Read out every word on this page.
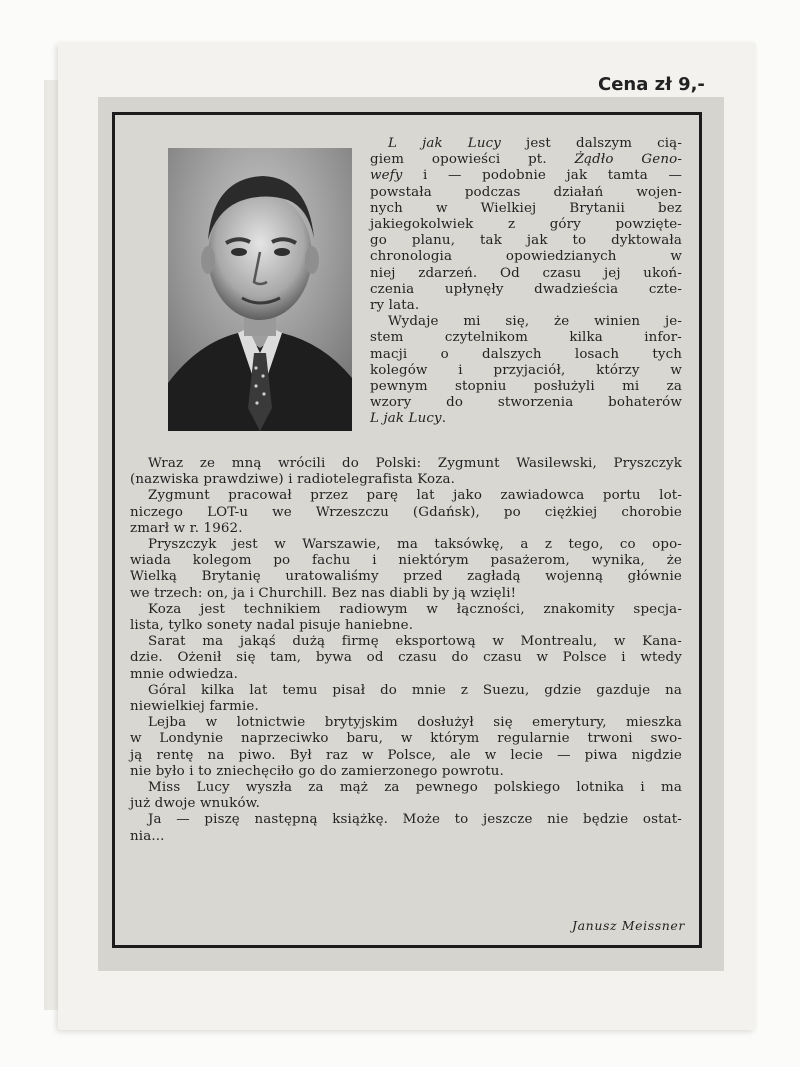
Cena zł 9,-
L jak Lucy jest dalszym cią-
giem opowieści pt. Żądło Geno-
wefy i — podobnie jak tamta —
powstała podczas działań wojen-
nych w Wielkiej Brytanii bez
jakiegokolwiek z góry powzięte-
go planu, tak jak to dyktowała
chronologia opowiedzianych w
niej zdarzeń. Od czasu jej ukoń-
czenia upłynęły dwadzieścia czte-
ry lata.
Wydaje mi się, że winien je-
stem czytelnikom kilka infor-
macji o dalszych losach tych
kolegów i przyjaciół, którzy w
pewnym stopniu posłużyli mi za
wzory do stworzenia bohaterów
L jak Lucy.
Wraz ze mną wrócili do Polski: Zygmunt Wasilewski, Pryszczyk
(nazwiska prawdziwe) i radiotelegrafista Koza.
Zygmunt pracował przez parę lat jako zawiadowca portu lot-
niczego LOT-u we Wrzeszczu (Gdańsk), po ciężkiej chorobie
zmarł w r. 1962.
Pryszczyk jest w Warszawie, ma taksówkę, a z tego, co opo-
wiada kolegom po fachu i niektórym pasażerom, wynika, że
Wielką Brytanię uratowaliśmy przed zagładą wojenną głównie
we trzech: on, ja i Churchill. Bez nas diabli by ją wzięli!
Koza jest technikiem radiowym w łączności, znakomity specja-
lista, tylko sonety nadal pisuje haniebne.
Sarat ma jakąś dużą firmę eksportową w Montrealu, w Kana-
dzie. Ożenił się tam, bywa od czasu do czasu w Polsce i wtedy
mnie odwiedza.
Góral kilka lat temu pisał do mnie z Suezu, gdzie gazduje na
niewielkiej farmie.
Lejba w lotnictwie brytyjskim dosłużył się emerytury, mieszka
w Londynie naprzeciwko baru, w którym regularnie trwoni swo-
ją rentę na piwo. Był raz w Polsce, ale w lecie — piwa nigdzie
nie było i to zniechęciło go do zamierzonego powrotu.
Miss Lucy wyszła za mąż za pewnego polskiego lotnika i ma
już dwoje wnuków.
Ja — piszę następną książkę. Może to jeszcze nie będzie ostat-
nia...
Janusz Meissner
